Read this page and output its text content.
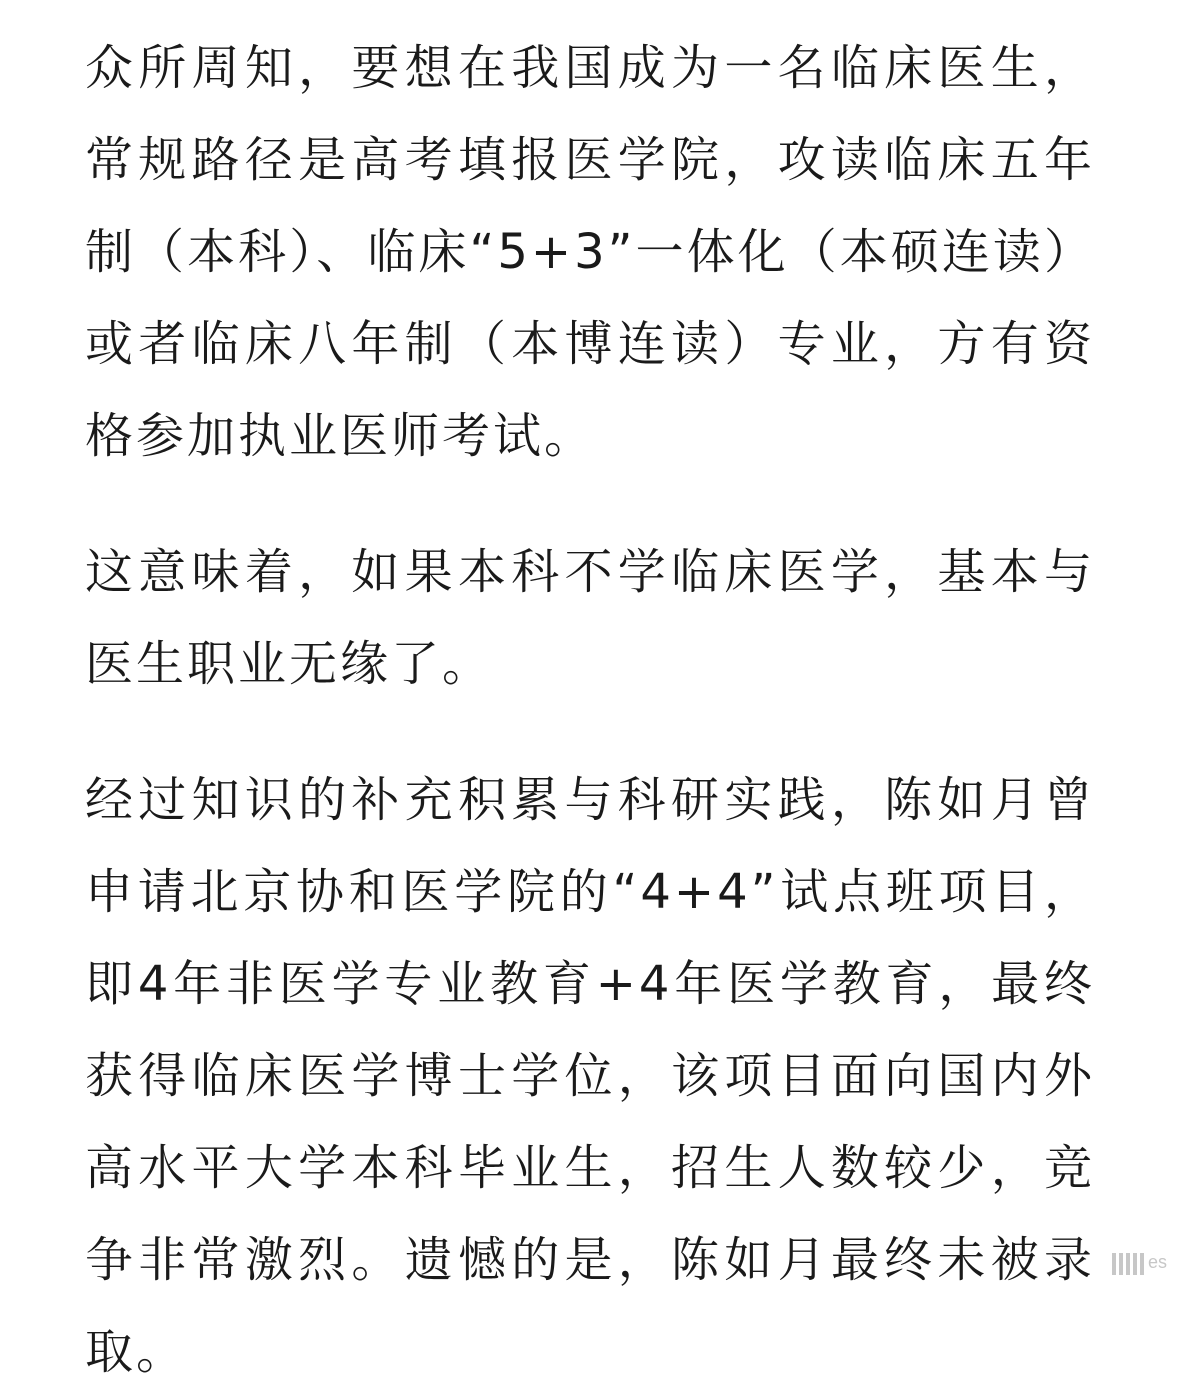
众所周知，要想在我国成为一名临床医生，常规路径是高考填报医学院，攻读临床五年制（本科）、临床“5+3”一体化（本硕连读）或者临床八年制（本博连读）专业，方有资格参加执业医师考试。

这意味着，如果本科不学临床医学，基本与医生职业无缘了。

经过知识的补充积累与科研实践，陈如月曾申请北京协和医学院的“4+4”试点班项目，即4年非医学专业教育+4年医学教育，最终获得临床医学博士学位，该项目面向国内外高水平大学本科毕业生，招生人数较少，竞争非常激烈。遗憾的是，陈如月最终未被录取。

es
